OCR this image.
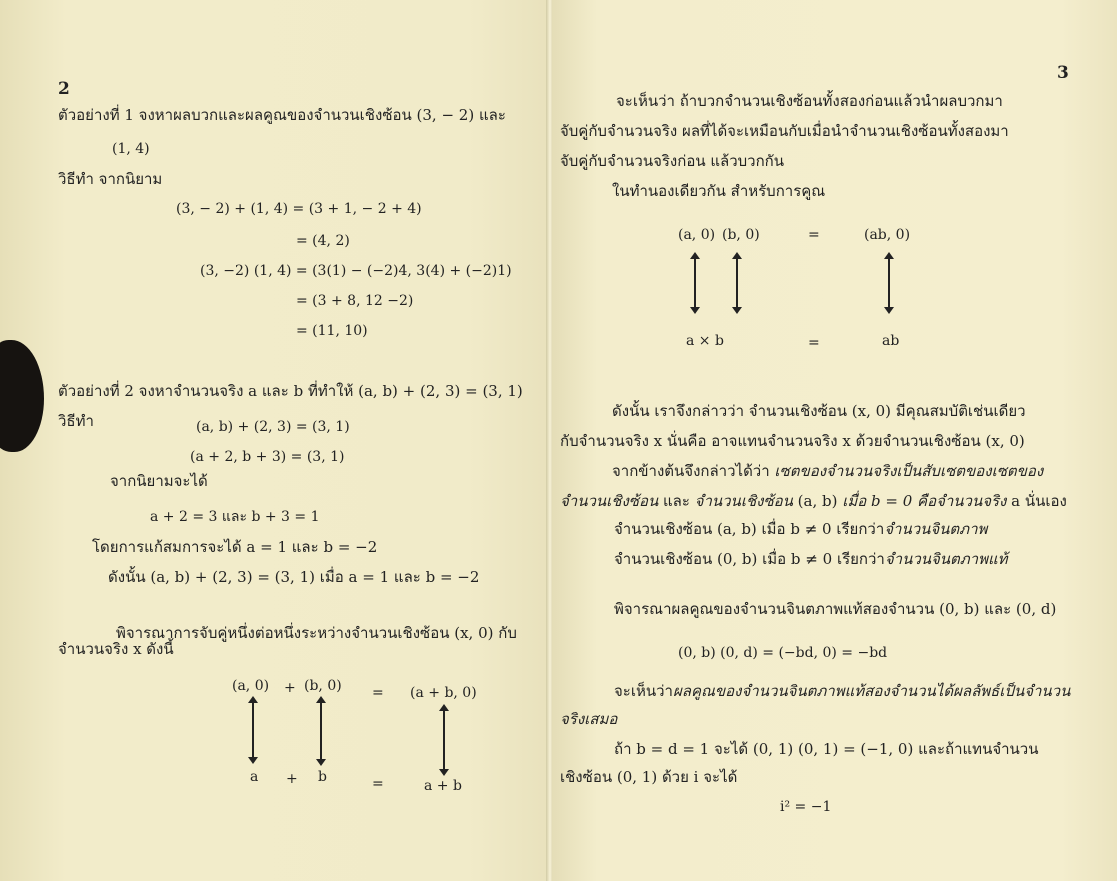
2
ตัวอย่างที่ 1 จงหาผลบวกและผลคูณของจำนวนเชิงซ้อน (3, − 2) และ
(1, 4)
วิธีทำ จากนิยาม
(3, − 2) + (1, 4) = (3 + 1, − 2 + 4)
= (4, 2)
(3, −2) (1, 4) = (3(1) − (−2)4, 3(4) + (−2)1)
= (3 + 8, 12 −2)
= (11, 10)
ตัวอย่างที่ 2 จงหาจำนวนจริง a และ b ที่ทำให้ (a, b) + (2, 3) = (3, 1)
วิธีทำ	(a, b) + (2, 3) = (3, 1)
(a + 2, b + 3) = (3, 1)
จากนิยามจะได้
a + 2 = 3 และ b + 3 = 1
โดยการแก้สมการจะได้ a = 1 และ b = −2
ดังนั้น (a, b) + (2, 3) = (3, 1) เมื่อ a = 1 และ b = −2
พิจารณาการจับคู่หนึ่งต่อหนึ่งระหว่างจำนวนเชิงซ้อน (x, 0) กับ
จำนวนจริง x ดังนี้
(a, 0) + (b, 0) = (a + b, 0)
a + b	=	a + b
3
จะเห็นว่า ถ้าบวกจำนวนเชิงซ้อนทั้งสองก่อนแล้วนำผลบวกมา
จับคู่กับจำนวนจริง ผลที่ได้จะเหมือนกับเมื่อนำจำนวนเชิงซ้อนทั้งสองมา
จับคู่กับจำนวนจริงก่อน แล้วบวกกัน
ในทำนองเดียวกัน สำหรับการคูณ
(a, 0) (b, 0)	=	(ab, 0)
a × b	=	ab
ดังนั้น เราจึงกล่าวว่า จำนวนเชิงซ้อน (x, 0) มีคุณสมบัติเช่นเดียว
กับจำนวนจริง x นั่นคือ อาจแทนจำนวนจริง x ด้วยจำนวนเชิงซ้อน (x, 0)
จากข้างต้นจึงกล่าวได้ว่า เซตของจำนวนจริงเป็นสับเซตของเซตของ
จำนวนเชิงซ้อน และ จำนวนเชิงซ้อน (a, b) เมื่อ b = 0 คือจำนวนจริง a นั่นเอง
จำนวนเชิงซ้อน (a, b) เมื่อ b ≠ 0 เรียกว่าจำนวนจินตภาพ
จำนวนเชิงซ้อน (0, b) เมื่อ b ≠ 0 เรียกว่าจำนวนจินตภาพแท้
พิจารณาผลคูณของจำนวนจินตภาพแท้สองจำนวน (0, b) และ (0, d)
(0, b) (0, d) = (−bd, 0) = −bd
จะเห็นว่าผลคูณของจำนวนจินตภาพแท้สองจำนวนได้ผลลัพธ์เป็นจำนวน
จริงเสมอ
ถ้า b = d = 1 จะได้ (0, 1) (0, 1) = (−1, 0) และถ้าแทนจำนวน
เชิงซ้อน (0, 1) ด้วย i จะได้
i² = −1
